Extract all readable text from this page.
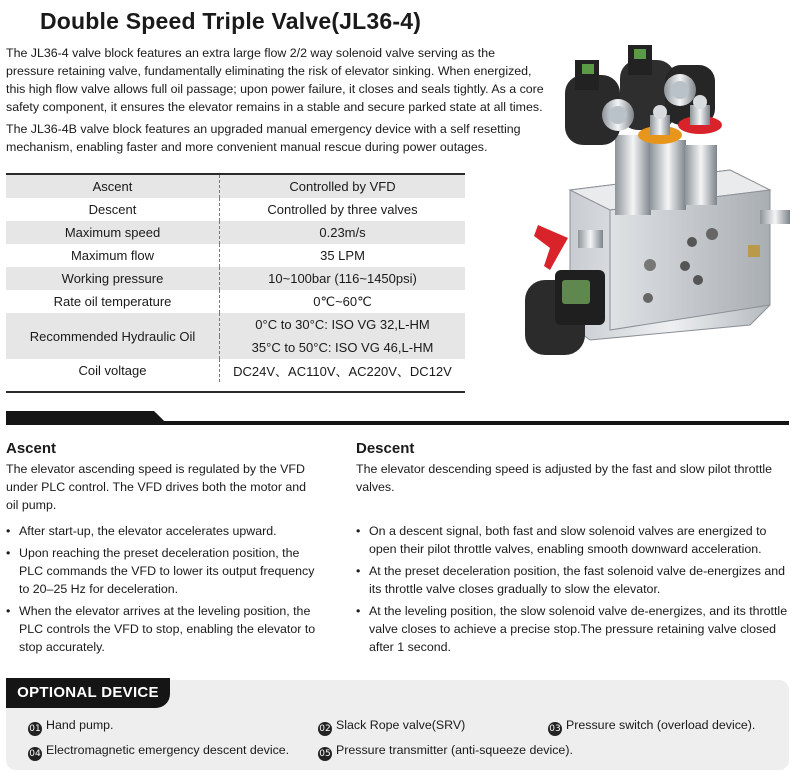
Double Speed Triple Valve(JL36-4)

The JL36-4 valve block features an extra large flow 2/2 way solenoid valve serving as the pressure retaining valve, fundamentally eliminating the risk of elevator sinking. When energized, this high flow valve allows full oil passage; upon power failure, it closes and seals tightly. As a core safety component, it ensures the elevator remains in a stable and secure parked state at all times.

The JL36-4B valve block features an upgraded manual emergency device with a self resetting mechanism, enabling faster and more convenient manual rescue during power outages.

Ascent	Controlled by VFD
Descent	Controlled by three valves
Maximum speed	0.23m/s
Maximum flow	35 LPM
Working pressure	10~100bar (116~1450psi)
Rate oil temperature	0℃~60℃
Recommended Hydraulic Oil	0°C to 30°C: ISO VG 32,L-HM
	35°C to 50°C: ISO VG 46,L-HM
Coil voltage	DC24V、AC110V、AC220V、DC12V
Ascent

The elevator ascending speed is regulated by the VFD under PLC control. The VFD drives both the motor and oil pump.

• After start-up, the elevator accelerates upward.
• Upon reaching the preset deceleration position, the PLC commands the VFD to lower its output frequency to 20–25 Hz for deceleration.
• When the elevator arrives at the leveling position, the PLC controls the VFD to stop, enabling the elevator to stop accurately.
Descent

The elevator descending speed is adjusted by the fast and slow pilot throttle valves.

• On a descent signal, both fast and slow solenoid valves are energized to open their pilot throttle valves, enabling smooth downward acceleration.
• At the preset deceleration position, the fast solenoid valve de-energizes and its throttle valve closes gradually to slow the elevator.
• At the leveling position, the slow solenoid valve de-energizes, and its throttle valve closes to achieve a precise stop.The pressure retaining valve closed after 1 second.
OPTIONAL DEVICE
01 Hand pump.	02 Slack Rope valve(SRV)	03 Pressure switch (overload device).
04 Electromagnetic emergency descent device.	05 Pressure transmitter (anti-squeeze device).
